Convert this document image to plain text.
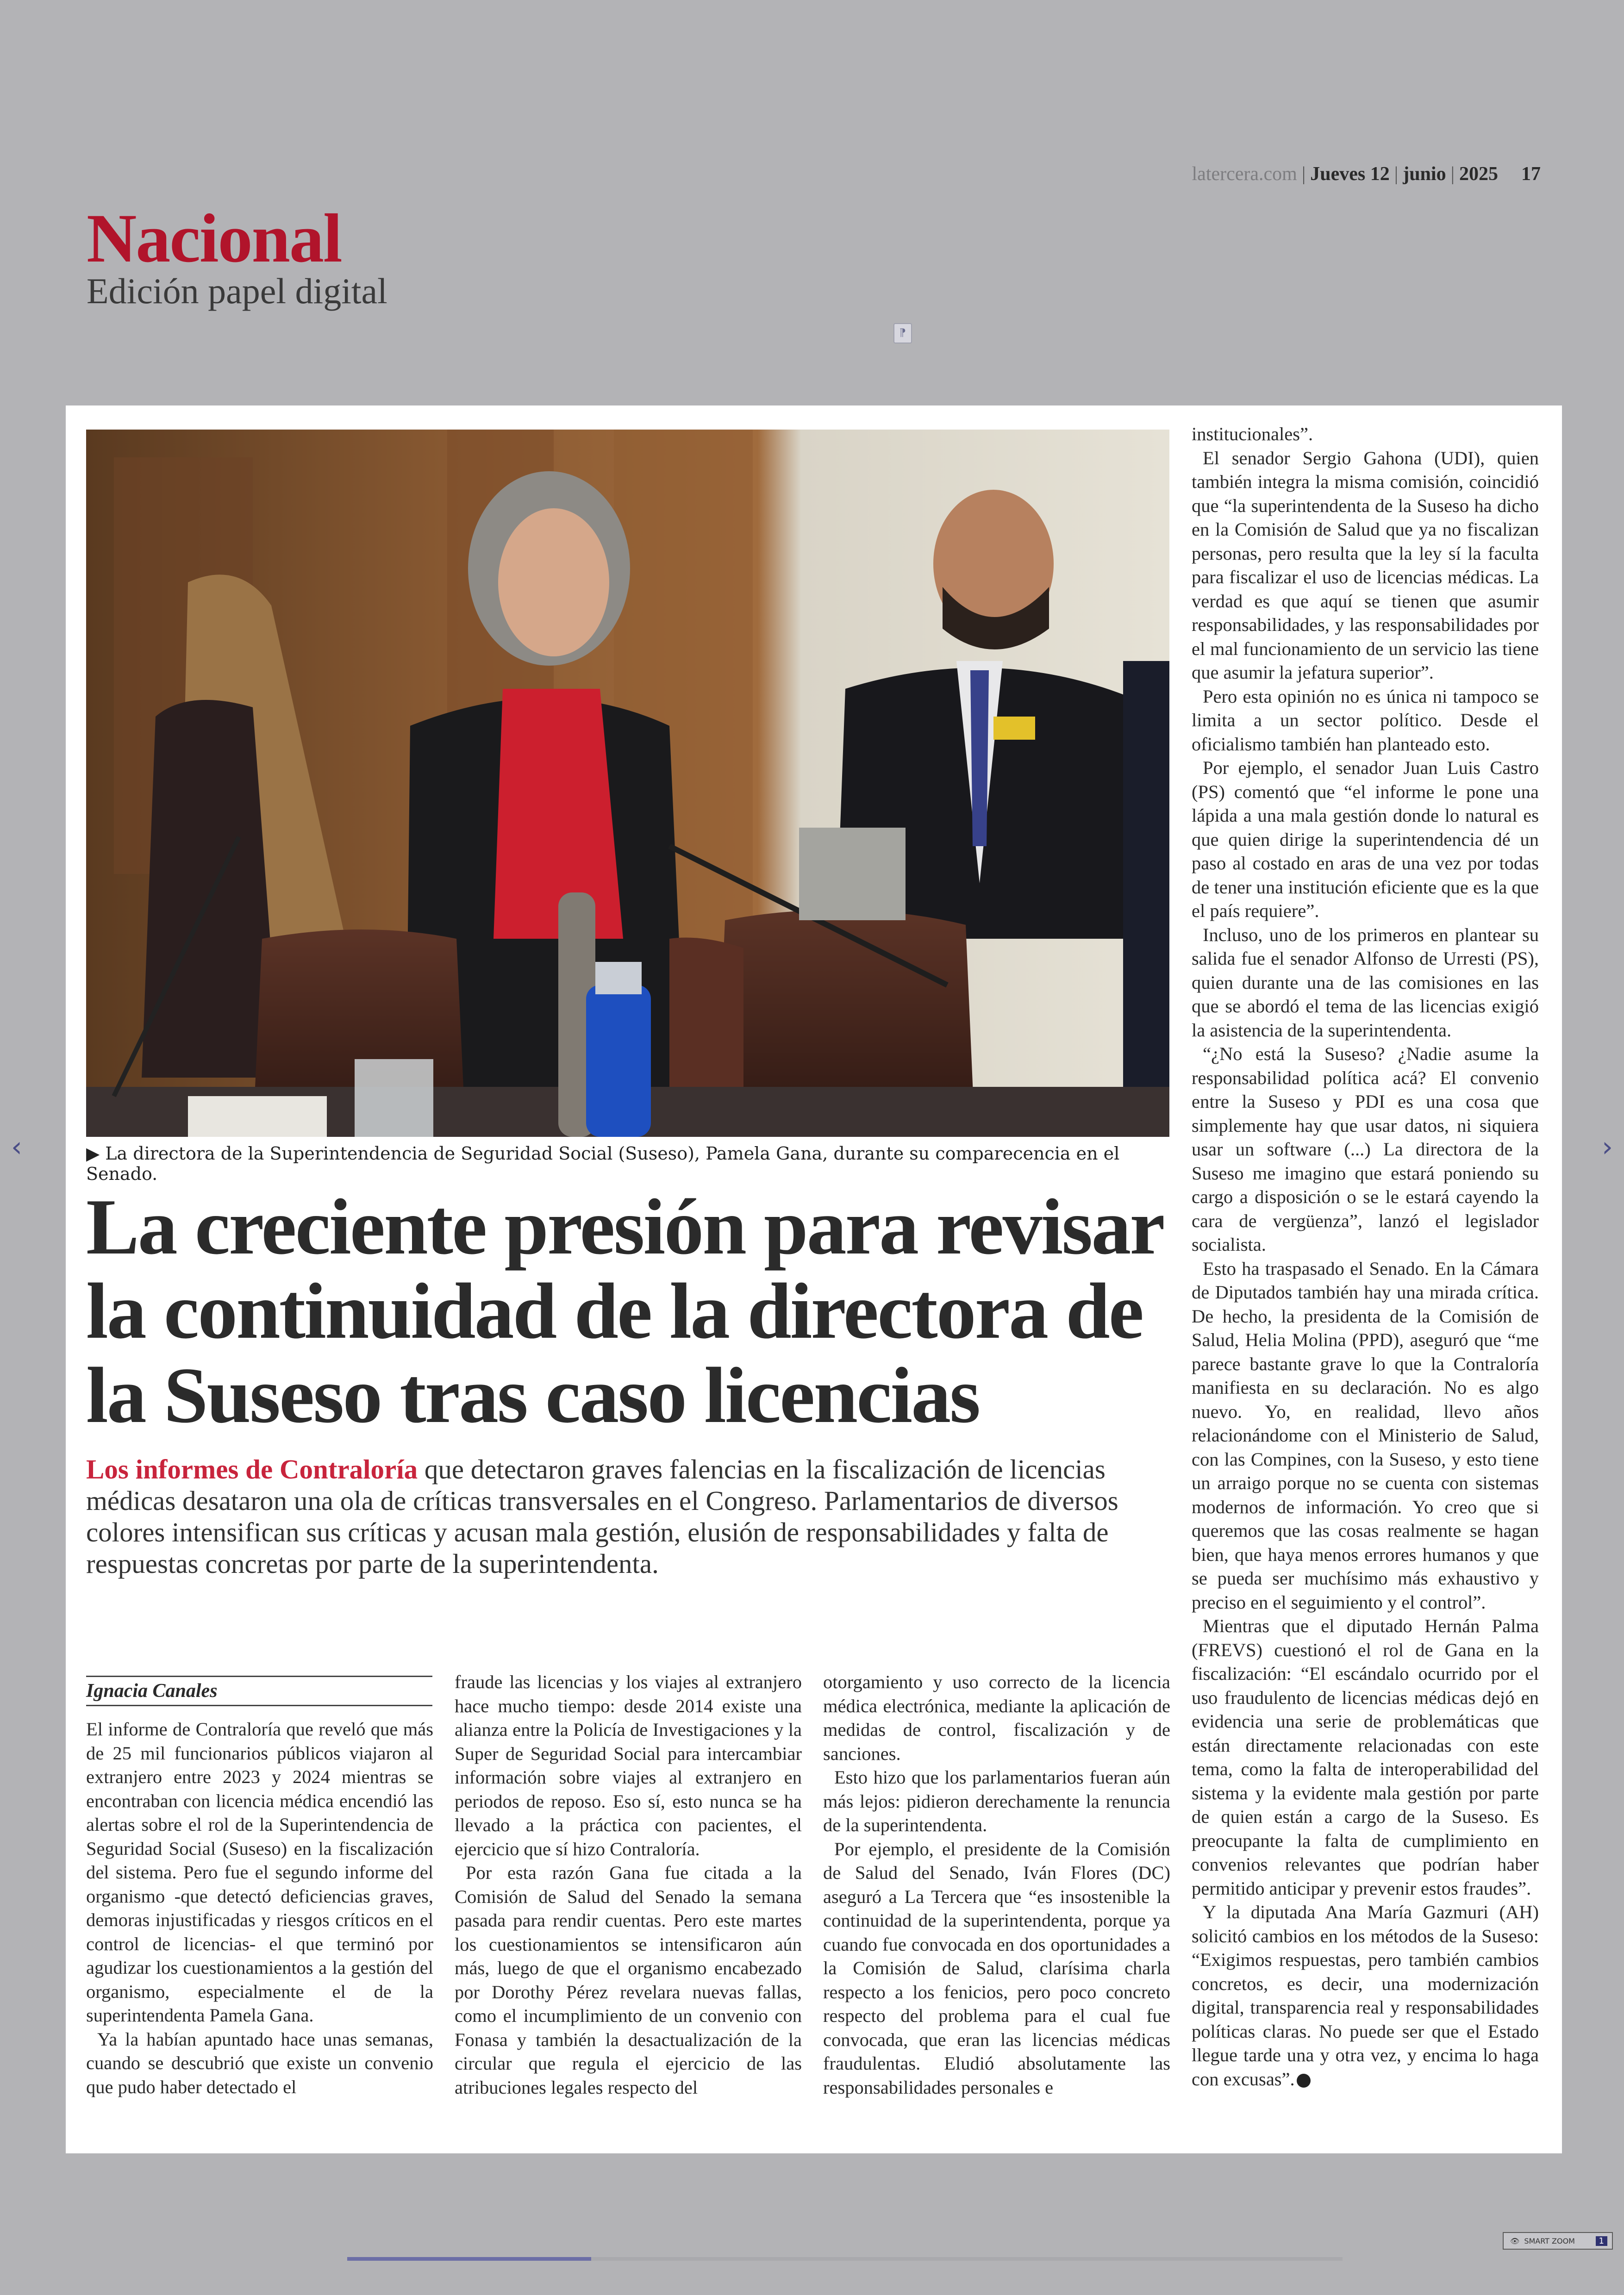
Nacional
Edición papel digital
latercera.com | Jueves 12 | junio | 2025 17
⁋
▶ La directora de la Superintendencia de Seguridad Social (Suseso), Pamela Gana, durante su comparecencia en el Senado.
La creciente presión para revisar la continuidad de la directora de la Suseso tras caso licencias
Los informes de Contraloría que detectaron graves falencias en la fiscalización de licencias médicas desataron una ola de críticas transversales en el Congreso. Parlamentarios de diversos colores intensifican sus críticas y acusan mala gestión, elusión de responsabilidades y falta de respuestas concretas por parte de la superintendenta.
Ignacia Canales

El informe de Contraloría que reveló que más de 25 mil funcionarios públicos viajaron al extranjero entre 2023 y 2024 mientras se encontraban con licencia médica encendió las alertas sobre el rol de la Superintendencia de Seguridad Social (Suseso) en la fiscalización del sistema. Pero fue el segundo informe del organismo -que detectó deficiencias graves, demoras injustificadas y riesgos críticos en el control de licencias- el que terminó por agudizar los cuestionamientos a la gestión del organismo, especialmente el de la superintendenta Pamela Gana.

Ya la habían apuntado hace unas semanas, cuando se descubrió que existe un convenio que pudo haber detectado el

fraude las licencias y los viajes al extranjero hace mucho tiempo: desde 2014 existe una alianza entre la Policía de Investigaciones y la Super de Seguridad Social para intercambiar información sobre viajes al extranjero en periodos de reposo. Eso sí, esto nunca se ha llevado a la práctica con pacientes, el ejercicio que sí hizo Contraloría.

Por esta razón Gana fue citada a la Comisión de Salud del Senado la semana pasada para rendir cuentas. Pero este martes los cuestionamientos se intensificaron aún más, luego de que el organismo encabezado por Dorothy Pérez revelara nuevas fallas, como el incumplimiento de un convenio con Fonasa y también la desactualización de la circular que regula el ejercicio de las atribuciones legales respecto del

otorgamiento y uso correcto de la licencia médica electrónica, mediante la aplicación de medidas de control, fiscalización y de sanciones.

Esto hizo que los parlamentarios fueran aún más lejos: pidieron derechamente la renuncia de la superintendenta.

Por ejemplo, el presidente de la Comisión de Salud del Senado, Iván Flores (DC) aseguró a La Tercera que “es insostenible la continuidad de la superintendenta, porque ya cuando fue convocada en dos oportunidades a la Comisión de Salud, clarísima charla respecto a los fenicios, pero poco concreto respecto del problema para el cual fue convocada, que eran las licencias médicas fraudulentas. Eludió absolutamente las responsabilidades personales e

institucionales”.

El senador Sergio Gahona (UDI), quien también integra la misma comisión, coincidió que “la superintendenta de la Suseso ha dicho en la Comisión de Salud que ya no fiscalizan personas, pero resulta que la ley sí la faculta para fiscalizar el uso de licencias médicas. La verdad es que aquí se tienen que asumir responsabilidades, y las responsabilidades por el mal funcionamiento de un servicio las tiene que asumir la jefatura superior”.

Pero esta opinión no es única ni tampoco se limita a un sector político. Desde el oficialismo también han planteado esto.

Por ejemplo, el senador Juan Luis Castro (PS) comentó que “el informe le pone una lápida a una mala gestión donde lo natural es que quien dirige la superintendencia dé un paso al costado en aras de una vez por todas de tener una institución eficiente que es la que el país requiere”.

Incluso, uno de los primeros en plantear su salida fue el senador Alfonso de Urresti (PS), quien durante una de las comisiones en las que se abordó el tema de las licencias exigió la asistencia de la superintendenta.

“¿No está la Suseso? ¿Nadie asume la responsabilidad política acá? El convenio entre la Suseso y PDI es una cosa que simplemente hay que usar datos, ni siquiera usar un software (...) La directora de la Suseso me imagino que estará poniendo su cargo a disposición o se le estará cayendo la cara de vergüenza”, lanzó el legislador socialista.

Esto ha traspasado el Senado. En la Cámara de Diputados también hay una mirada crítica. De hecho, la presidenta de la Comisión de Salud, Helia Molina (PPD), aseguró que “me parece bastante grave lo que la Contraloría manifiesta en su declaración. No es algo nuevo. Yo, en realidad, llevo años relacionándome con el Ministerio de Salud, con las Compines, con la Suseso, y esto tiene un arraigo porque no se cuenta con sistemas modernos de información. Yo creo que si queremos que las cosas realmente se hagan bien, que haya menos errores humanos y que se pueda ser muchísimo más exhaustivo y preciso en el seguimiento y el control”.

Mientras que el diputado Hernán Palma (FREVS) cuestionó el rol de Gana en la fiscalización: “El escándalo ocurrido por el uso fraudulento de licencias médicas dejó en evidencia una serie de problemáticas que están directamente relacionadas con este tema, como la falta de interoperabilidad del sistema y la evidente mala gestión por parte de quien están a cargo de la Suseso. Es preocupante la falta de cumplimiento en convenios relevantes que podrían haber permitido anticipar y prevenir estos fraudes”.

Y la diputada Ana María Gazmuri (AH) solicitó cambios en los métodos de la Suseso: “Exigimos respuestas, pero también cambios concretos, es decir, una modernización digital, transparencia real y responsabilidades políticas claras. No puede ser que el Estado llegue tarde una y otra vez, y encima lo haga con excusas”.

‹	›
👁 SMART ZOOM	1
